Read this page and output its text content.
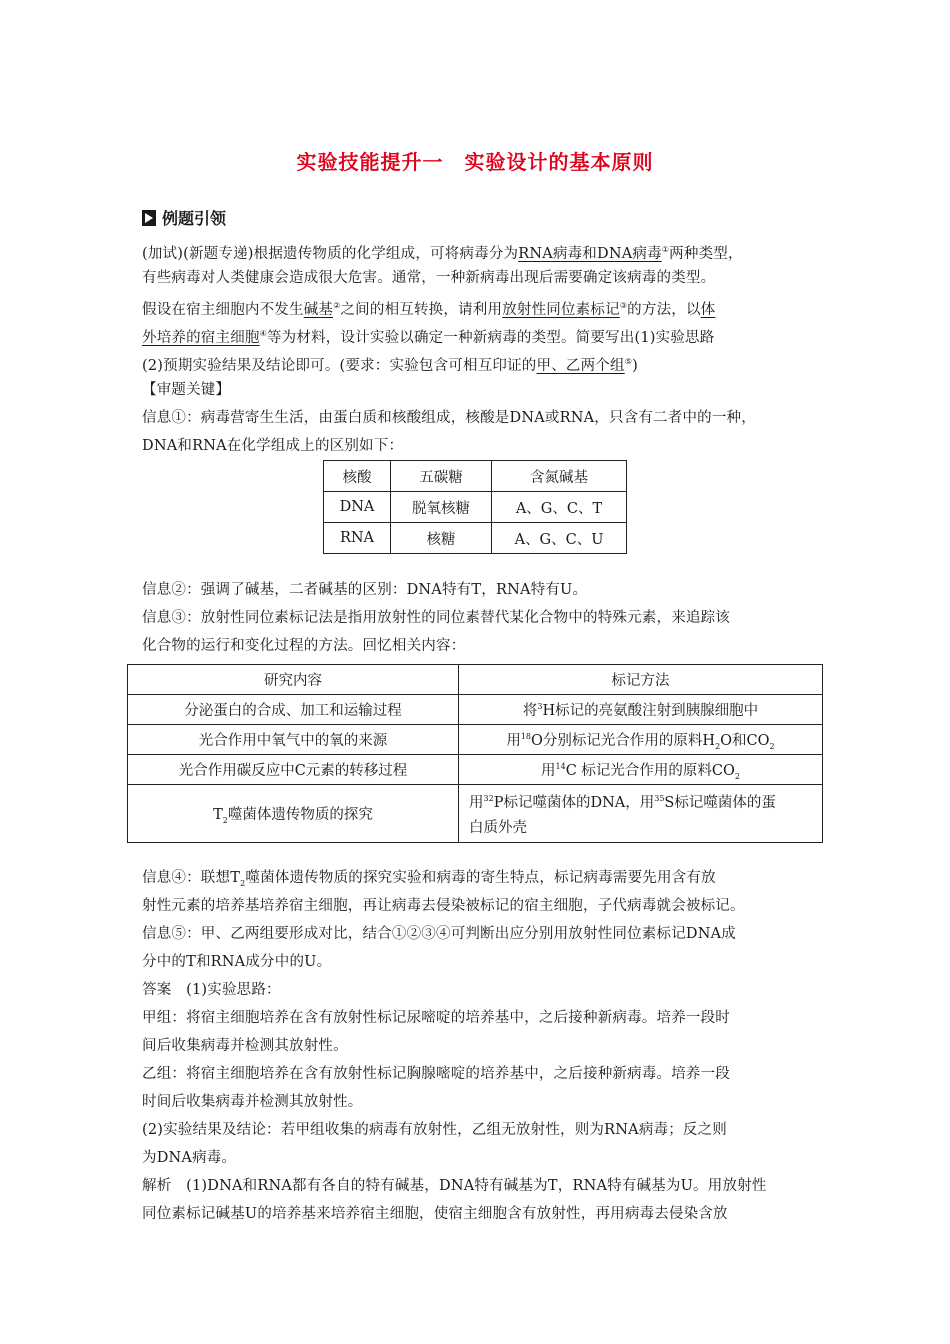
实验技能提升一　实验设计的基本原则
例题引领
(加试)(新题专递)根据遗传物质的化学组成，可将病毒分为RNA病毒和DNA病毒①两种类型，
有些病毒对人类健康会造成很大危害。通常，一种新病毒出现后需要确定该病毒的类型。
假设在宿主细胞内不发生碱基②之间的相互转换，请利用放射性同位素标记③的方法，以体
外培养的宿主细胞④等为材料，设计实验以确定一种新病毒的类型。简要写出(1)实验思路
(2)预期实验结果及结论即可。(要求：实验包含可相互印证的甲、乙两个组⑤)
【审题关键】
信息①：病毒营寄生生活，由蛋白质和核酸组成，核酸是DNA或RNA，只含有二者中的一种，
DNA和RNA在化学组成上的区别如下：
核酸	五碳糖	含氮碱基
DNA	脱氧核糖	A、G、C、T
RNA	核糖	A、G、C、U
信息②：强调了碱基，二者碱基的区别：DNA特有T，RNA特有U。
信息③：放射性同位素标记法是指用放射性的同位素替代某化合物中的特殊元素，来追踪该
化合物的运行和变化过程的方法。回忆相关内容：
研究内容	标记方法
分泌蛋白的合成、加工和运输过程	将$^3$H标记的亮氨酸注射到胰腺细胞中
光合作用中氧气中的氧的来源	用$^{18}$O分别标记光合作用的原料$H_2O$和$CO_2$
光合作用碳反应中C元素的转移过程	用$^{14}$C 标记光合作用的原料$CO_2$
$T_2$噬菌体遗传物质的探究	用$^{32}$P标记噬菌体的DNA，用$^{35}$S标记噬菌体的蛋
白质外壳
信息④：联想$T_2$噬菌体遗传物质的探究实验和病毒的寄生特点，标记病毒需要先用含有放
射性元素的培养基培养宿主细胞，再让病毒去侵染被标记的宿主细胞，子代病毒就会被标记。
信息⑤：甲、乙两组要形成对比，结合①②③④可判断出应分别用放射性同位素标记DNA成
分中的T和RNA成分中的U。
答案　(1)实验思路：
甲组：将宿主细胞培养在含有放射性标记尿嘧啶的培养基中，之后接种新病毒。培养一段时
间后收集病毒并检测其放射性。
乙组：将宿主细胞培养在含有放射性标记胸腺嘧啶的培养基中，之后接种新病毒。培养一段
时间后收集病毒并检测其放射性。
(2)实验结果及结论：若甲组收集的病毒有放射性，乙组无放射性，则为RNA病毒；反之则
为DNA病毒。
解析　(1)DNA和RNA都有各自的特有碱基，DNA特有碱基为T，RNA特有碱基为U。用放射性
同位素标记碱基U的培养基来培养宿主细胞，使宿主细胞含有放射性，再用病毒去侵染含放
